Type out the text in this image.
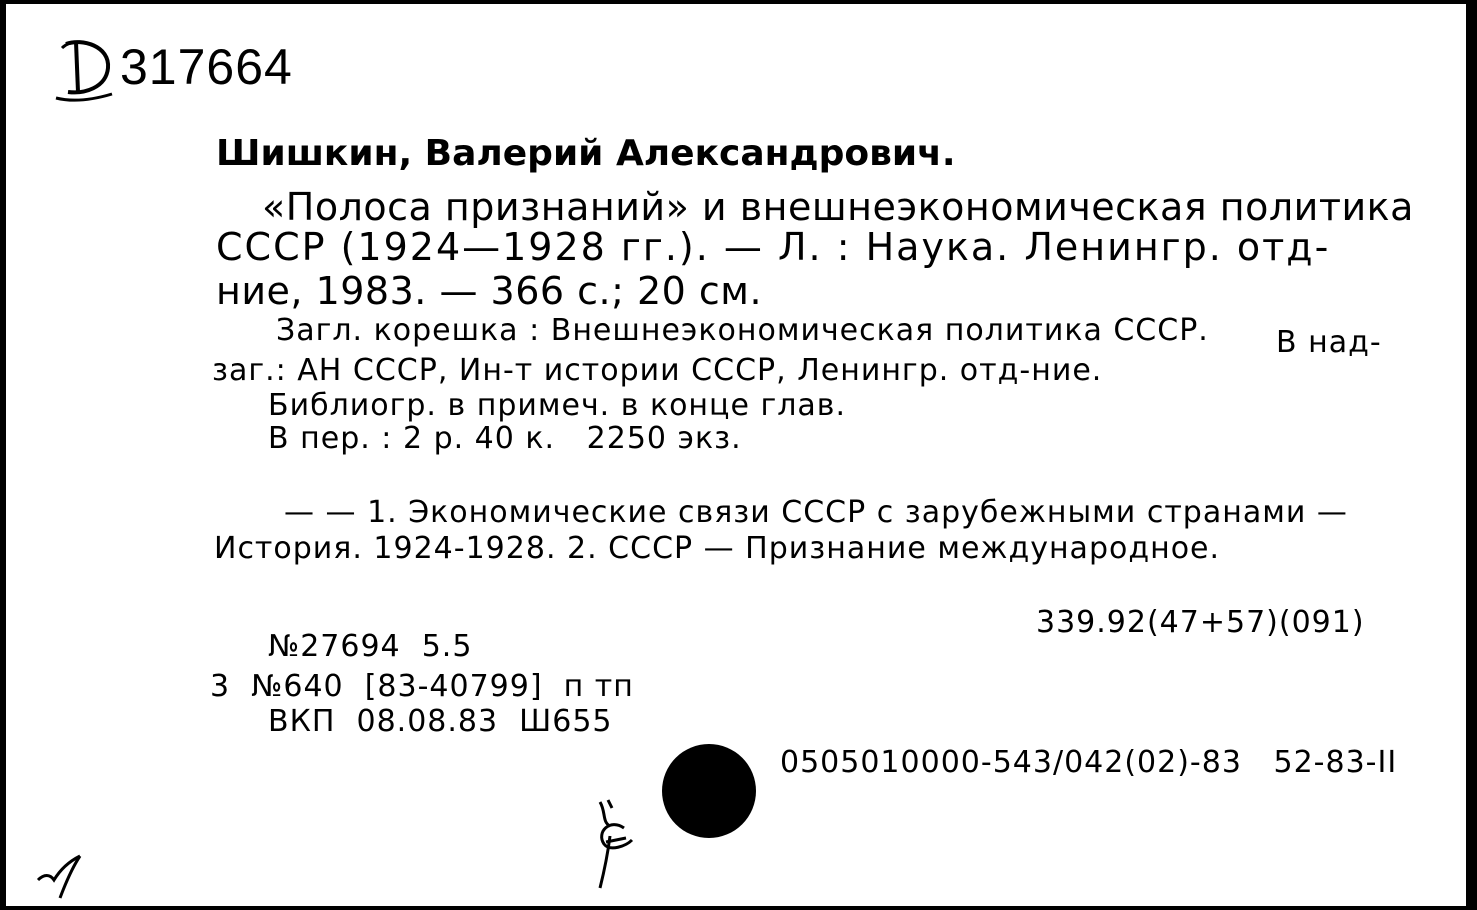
317664
Шишкин, Валерий Александрович.
«Полоса признаний» и внешнеэкономическая политика
СССР (1924—1928 гг.). — Л. : Наука. Ленингр. отд-
ние, 1983. — 366 с.; 20 см.
Загл. корешка : Внешнеэкономическая политика СССР. В над-
заг.: АН СССР, Ин-т истории СССР, Ленингр. отд-ние.
Библиогр. в примеч. в конце глав.
В пер. : 2 р. 40 к.   2250 экз.
— — 1. Экономические связи СССР с зарубежными странами —
История. 1924-1928. 2. СССР — Признание международное.
339.92(47+57)(091)
№27694  5.5
3  №640  [83-40799]  п тп
ВКП  08.08.83  Ш655
0505010000-543/042(02)-83   52-83-II
